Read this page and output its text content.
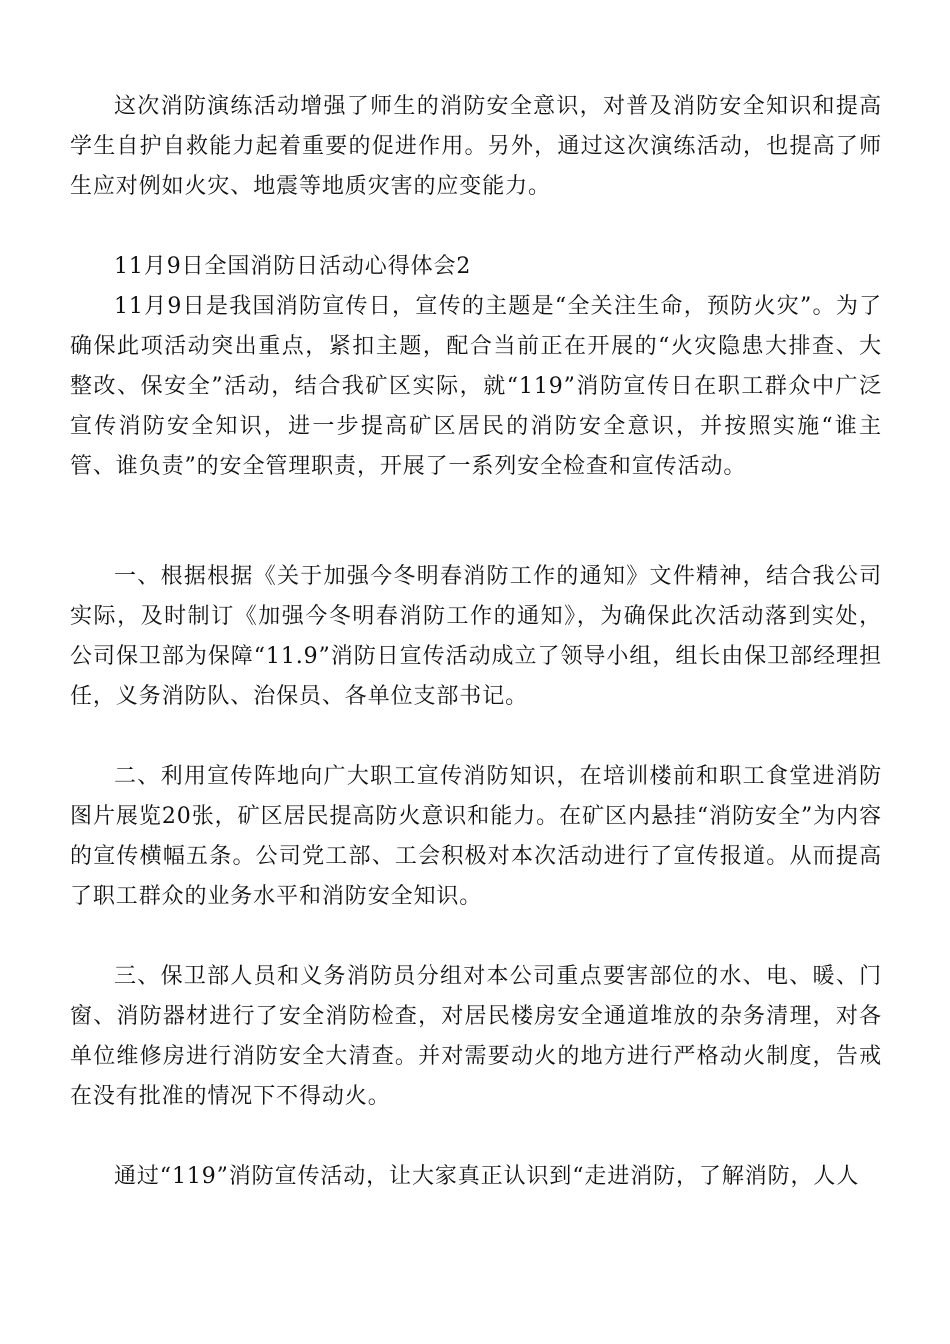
这次消防演练活动增强了师生的消防安全意识，对普及消防安全知识和提高学生自护自救能力起着重要的促进作用。另外，通过这次演练活动，也提高了师生应对例如火灾、地震等地质灾害的应变能力。

11月9日全国消防日活动心得体会2

11月9日是我国消防宣传日，宣传的主题是“全关注生命，预防火灾”。为了确保此项活动突出重点，紧扣主题，配合当前正在开展的“火灾隐患大排查、大整改、保安全”活动，结合我矿区实际，就“119”消防宣传日在职工群众中广泛宣传消防安全知识，进一步提高矿区居民的消防安全意识，并按照实施“谁主管、谁负责”的安全管理职责，开展了一系列安全检查和宣传活动。

一、根据根据《关于加强今冬明春消防工作的通知》文件精神，结合我公司实际，及时制订《加强今冬明春消防工作的通知》，为确保此次活动落到实处，公司保卫部为保障“11.9”消防日宣传活动成立了领导小组，组长由保卫部经理担任，义务消防队、治保员、各单位支部书记。

二、利用宣传阵地向广大职工宣传消防知识，在培训楼前和职工食堂进消防图片展览20张，矿区居民提高防火意识和能力。在矿区内悬挂“消防安全”为内容的宣传横幅五条。公司党工部、工会积极对本次活动进行了宣传报道。从而提高了职工群众的业务水平和消防安全知识。

三、保卫部人员和义务消防员分组对本公司重点要害部位的水、电、暖、门窗、消防器材进行了安全消防检查，对居民楼房安全通道堆放的杂务清理，对各单位维修房进行消防安全大清查。并对需要动火的地方进行严格动火制度，告戒在没有批准的情况下不得动火。

通过“119”消防宣传活动，让大家真正认识到“走进消防，了解消防，人人
